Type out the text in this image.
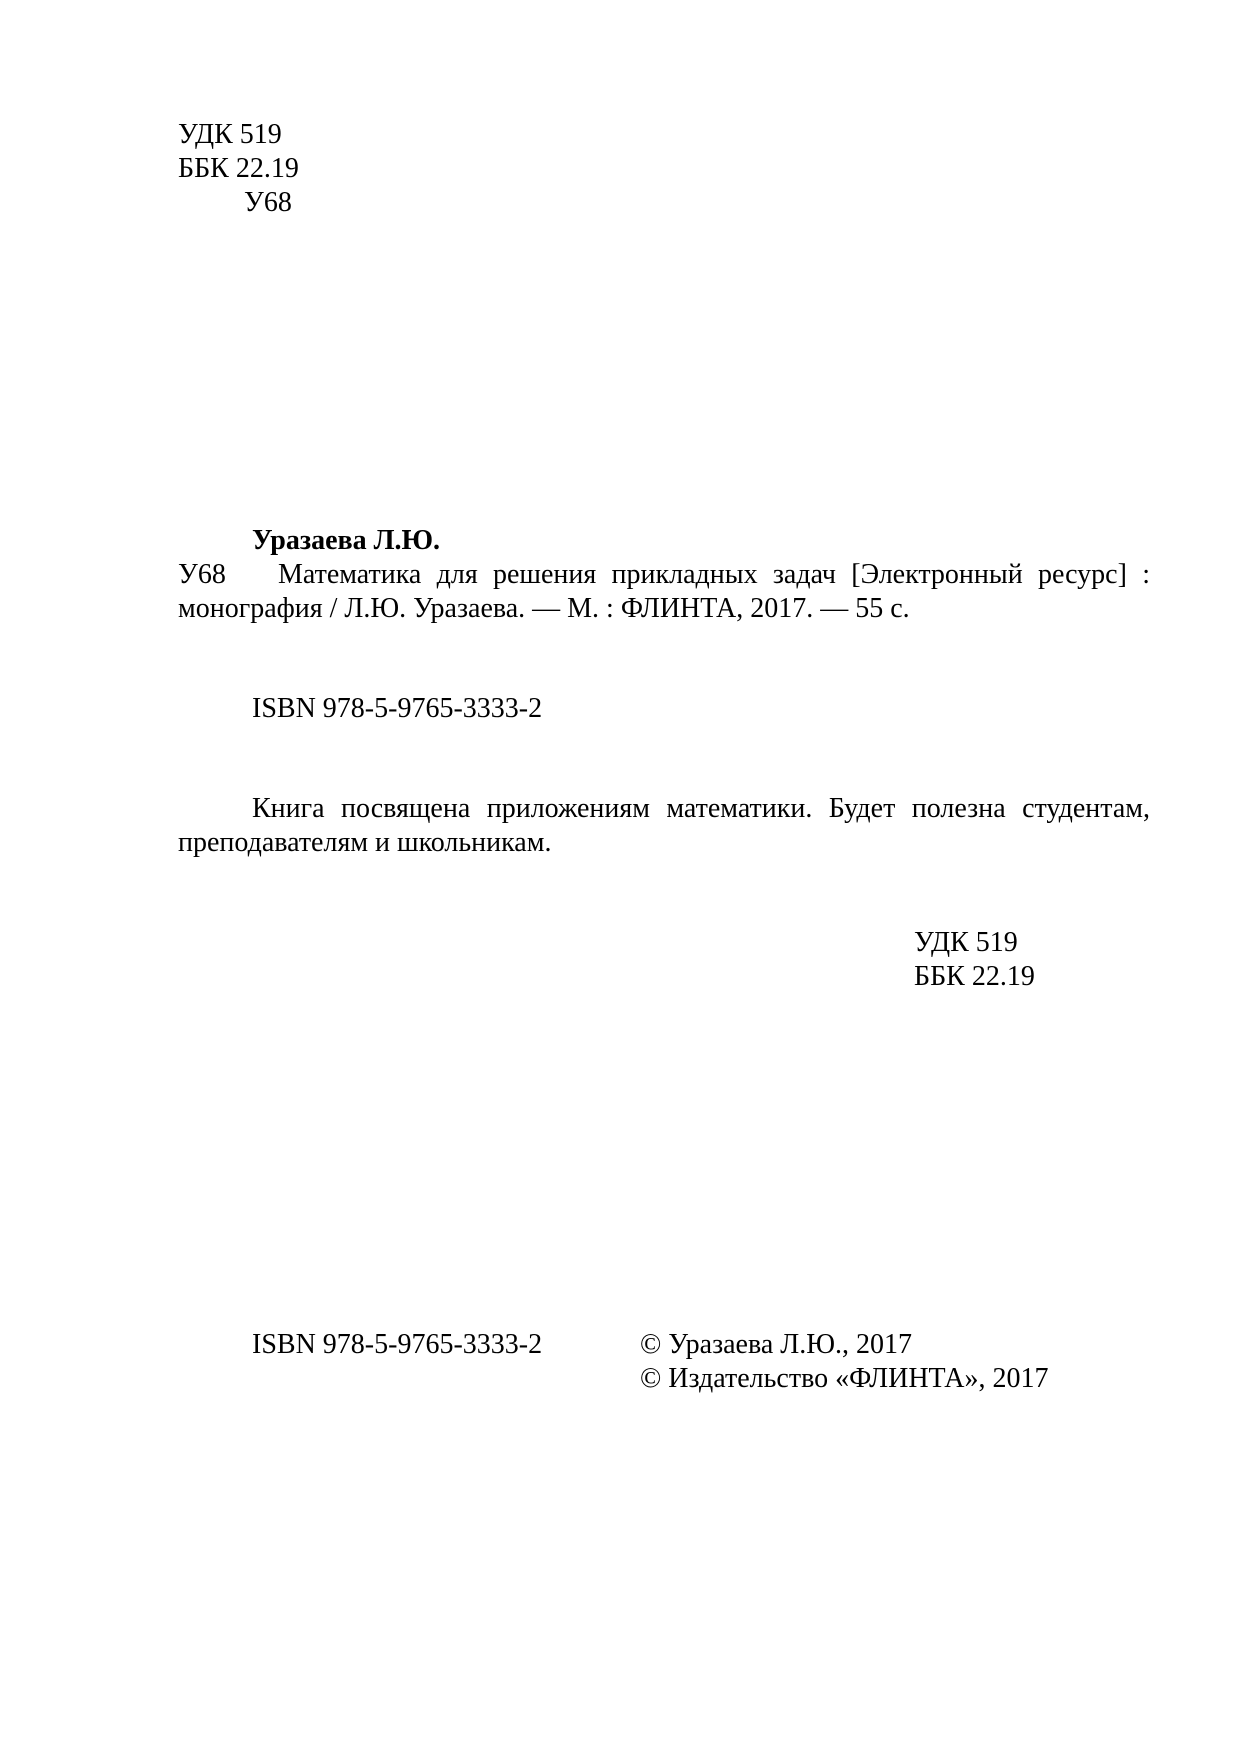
УДК 519
ББК 22.19
У68
Уразаева Л.Ю.
У68 Математика для решения прикладных задач [Электронный ресурс] :
монография / Л.Ю. Уразаева. — М. : ФЛИНТА, 2017. — 55 с.
ISBN 978-5-9765-3333-2
Книга посвящена приложениям математики. Будет полезна студентам,
преподавателям и школьникам.
УДК 519
ББК 22.19
ISBN 978-5-9765-3333-2	© Уразаева Л.Ю., 2017
© Издательство «ФЛИНТА», 2017
